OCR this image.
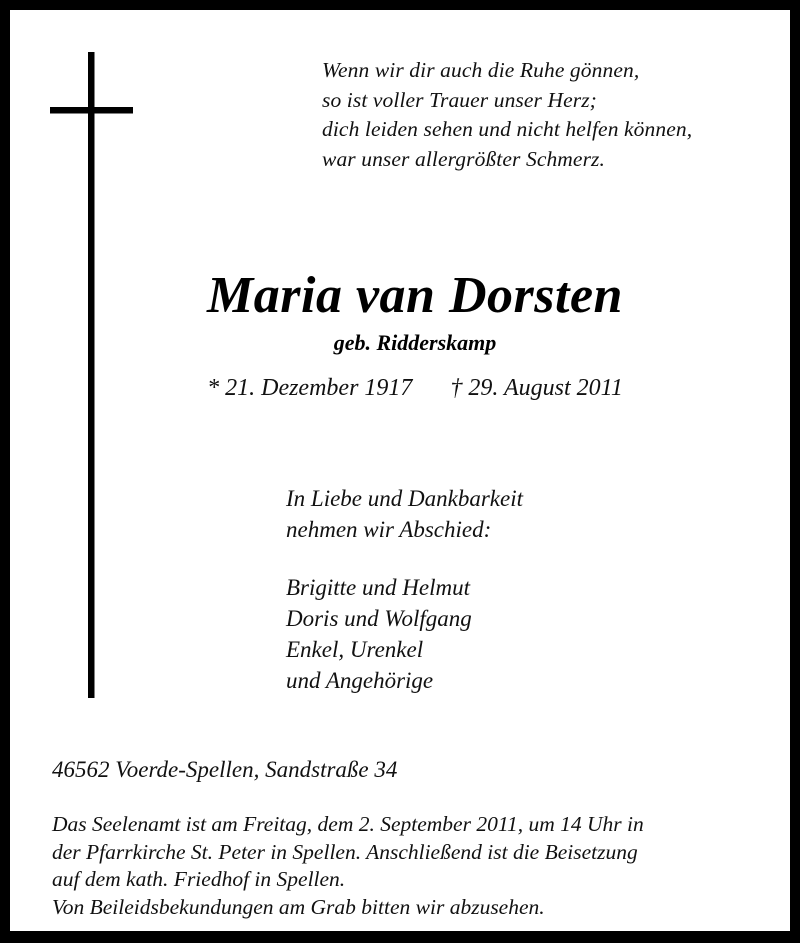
Wenn wir dir auch die Ruhe gönnen,
so ist voller Trauer unser Herz;
dich leiden sehen und nicht helfen können,
war unser allergrößter Schmerz.
Maria van Dorsten
geb. Ridderskamp
* 21. Dezember 1917 † 29. August 2011

In Liebe und Dankbarkeit
nehmen wir Abschied:

Brigitte und Helmut
Doris und Wolfgang
Enkel, Urenkel
und Angehörige
46562 Voerde-Spellen, Sandstraße 34

Das Seelenamt ist am Freitag, dem 2. September 2011, um 14 Uhr in

der Pfarrkirche St. Peter in Spellen. Anschließend ist die Beisetzung

auf dem kath. Friedhof in Spellen.

Von Beileidsbekundungen am Grab bitten wir abzusehen.
